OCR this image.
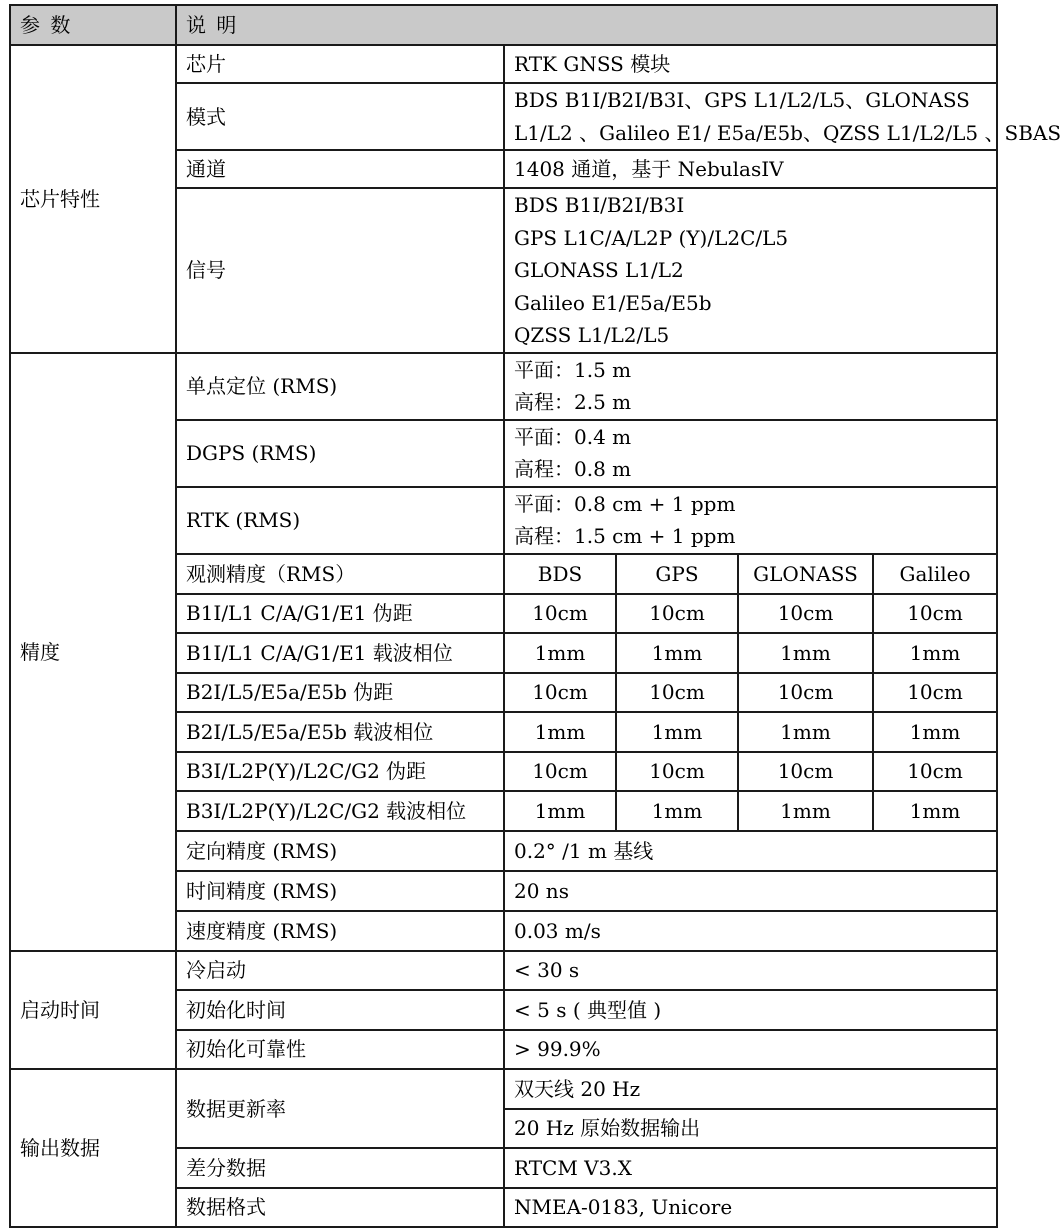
参 数	说 明				
芯片特性	芯片	RTK GNSS 模块			

	模式	BDS B1I/B2I/B3I、GPS L1/L2/L5、GLONASS
L1/L2 、Galileo E1/ E5a/E5b、QZSS L1/L2/L5 、SBAS			

	通道	1408 通道，基于 NebulasIV			

	信号	BDS B1I/B2I/B3I
GPS L1C/A/L2P (Y)/L2C/L5
GLONASS L1/L2
Galileo E1/E5a/E5b
QZSS L1/L2/L5			

精度	单点定位 (RMS)	平面：1.5 m
高程：2.5 m			

	DGPS (RMS)	平面：0.4 m
高程：0.8 m			

	RTK (RMS)	平面：0.8 cm + 1 ppm
高程：1.5 cm + 1 ppm			

	观测精度（RMS）	BDS	GPS	GLONASS	Galileo
	B1I/L1 C/A/G1/E1 伪距	10cm	10cm	10cm	10cm
	B1I/L1 C/A/G1/E1 载波相位	1mm	1mm	1mm	1mm
	B2I/L5/E5a/E5b 伪距	10cm	10cm	10cm	10cm
	B2I/L5/E5a/E5b 载波相位	1mm	1mm	1mm	1mm
	B3I/L2P(Y)/L2C/G2 伪距	10cm	10cm	10cm	10cm
	B3I/L2P(Y)/L2C/G2 载波相位	1mm	1mm	1mm	1mm
	定向精度 (RMS)	0.2° /1 m 基线			
	时间精度 (RMS)	20 ns			
	速度精度 (RMS)	0.03 m/s			
启动时间	冷启动	< 30 s			
	初始化时间	< 5 s ( 典型值 )			
	初始化可靠性	> 99.9%			
输出数据	数据更新率	双天线 20 Hz			
		20 Hz 原始数据输出			
	差分数据	RTCM V3.X			
	数据格式	NMEA-0183, Unicore			
